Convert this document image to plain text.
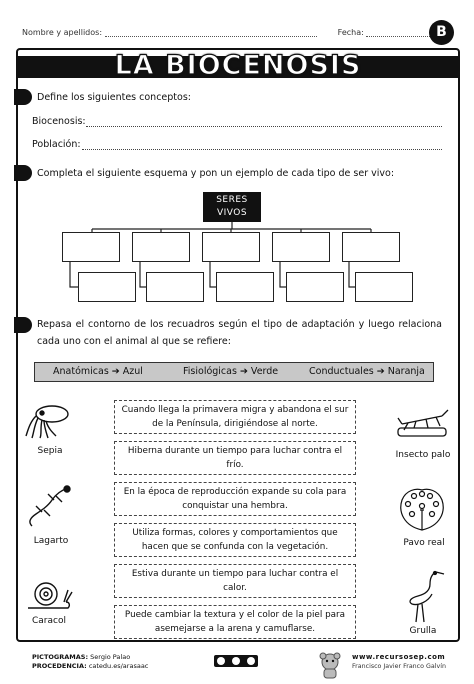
Nombre y apellidos:	Fecha:	B
LA BIOCENOSIS
Define los siguientes conceptos:
Biocenosis:
Población:
Completa el siguiente esquema y pon un ejemplo de cada tipo de ser vivo:
SERES
VIVOS
Repasa el contorno de los recuadros según el tipo de adaptación y luego relaciona cada uno con el animal al que se refiere:
Anatómicas ➔ Azul	Fisiológicas ➔ Verde	Conductuales ➔ Naranja
Cuando llega la primavera migra y abandona el sur de la Península, dirigiéndose al norte.
Hiberna durante un tiempo para luchar contra el frío.
En la época de reproducción expande su cola para conquistar una hembra.
Utiliza formas, colores y comportamientos que hacen que se confunda con la vegetación.
Estiva durante un tiempo para luchar contra el calor.
Puede cambiar la textura y el color de la piel para asemejarse a la arena y camuflarse.
Sepia
Lagarto
Caracol
Insecto palo
Pavo real
Grulla
PICTOGRAMAS: Sergio Palao
PROCEDENCIA: catedu.es/arasaac
www.recursosep.com
Francisco Javier Franco Galvín
